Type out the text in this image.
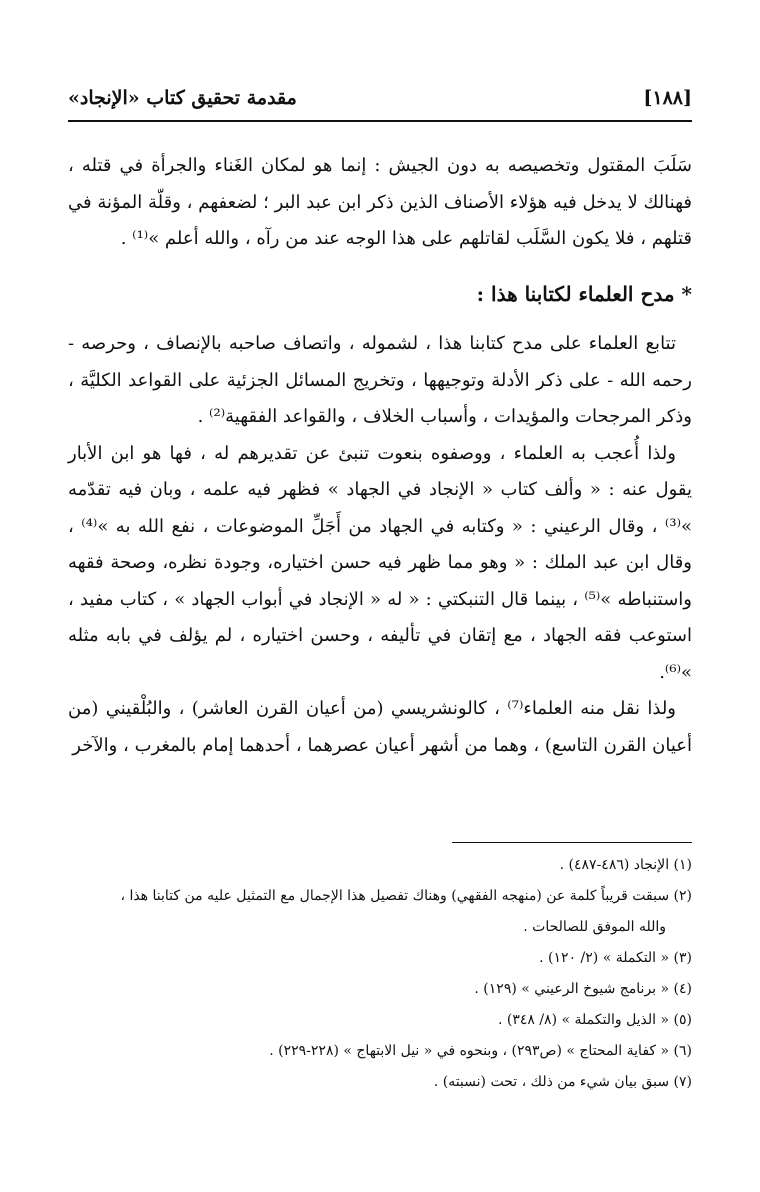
[١٨٨]
مقدمة تحقيق كتاب «الإنجاد»

سَلَبَ المقتول وتخصيصه به دون الجيش : إنما هو لمكان الغَناء والجرأة في قتله ، فهنالك لا يدخل فيه هؤلاء الأصناف الذين ذكر ابن عبد البر ؛ لضعفهم ، وقلّة المؤنة في قتلهم ، فلا يكون السَّلَب لقاتلهم على هذا الوجه عند من رآه ، والله أعلم »⁽¹⁾ .

* مدح العلماء لكتابنا هذا :

تتابع العلماء على مدح كتابنا هذا ، لشموله ، واتصاف صاحبه بالإنصاف ، وحرصه - رحمه الله - على ذكر الأدلة وتوجيهها ، وتخريج المسائل الجزئية على القواعد الكليَّة ، وذكر المرجحات والمؤيدات ، وأسباب الخلاف ، والقواعد الفقهية⁽²⁾ .

ولذا أُعجب به العلماء ، ووصفوه بنعوت تنبئ عن تقديرهم له ، فها هو ابن الأبار يقول عنه : « وألف كتاب « الإنجاد في الجهاد » فظهر فيه علمه ، وبان فيه تقدّمه »⁽³⁾ ، وقال الرعيني : « وكتابه في الجهاد من أَجَلِّ الموضوعات ، نفع الله به »⁽⁴⁾ ، وقال ابن عبد الملك : « وهو مما ظهر فيه حسن اختياره، وجودة نظره، وصحة فقهه واستنباطه »⁽⁵⁾ ، بينما قال التنبكتي : « له « الإنجاد في أبواب الجهاد » ، كتاب مفيد ، استوعب فقه الجهاد ، مع إتقان في تأليفه ، وحسن اختياره ، لم يؤلف في بابه مثله »⁽⁶⁾.

ولذا نقل منه العلماء⁽⁷⁾ ، كالونشريسي (من أعيان القرن العاشر) ، والبُلْقيني (من أعيان القرن التاسع) ، وهما من أشهر أعيان عصرهما ، أحدهما إمام بالمغرب ، والآخر

(١) الإنجاد (٤٨٦-٤٨٧) .

(٢) سبقت قريباً كلمة عن (منهجه الفقهي) وهناك تفصيل هذا الإجمال مع التمثيل عليه من كتابنا هذا ،

والله الموفق للصالحات .

(٣) « التكملة » (٢/ ١٢٠) .

(٤) « برنامج شيوخ الرعيني » (١٢٩) .

(٥) « الذيل والتكملة » (٨/ ٣٤٨) .

(٦) « كفاية المحتاج » (ص٢٩٣) ، وبنحوه في « نيل الابتهاج » (٢٢٨-٢٢٩) .

(٧) سبق بيان شيء من ذلك ، تحت (نسبته) .
